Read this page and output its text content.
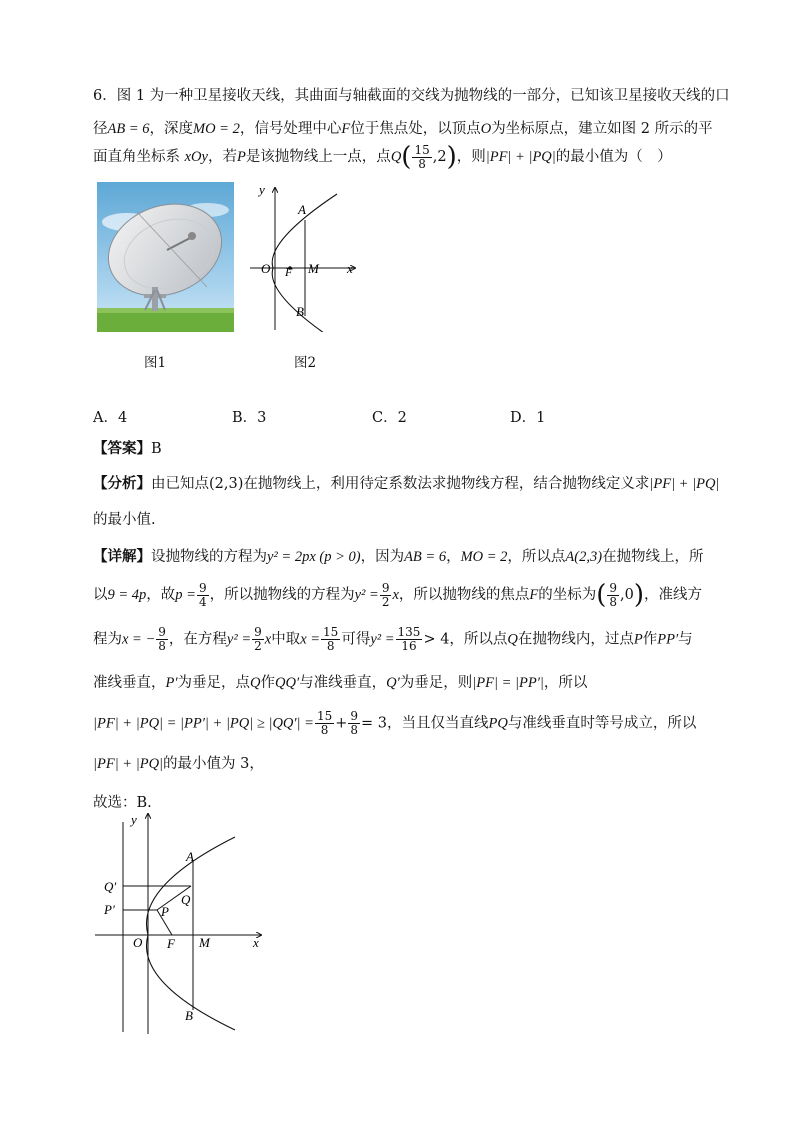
6．图 1 为一种卫星接收天线，其曲面与轴截面的交线为抛物线的一部分，已知该卫星接收天线的口
径AB = 6，深度MO = 2，信号处理中心F位于焦点处，以顶点O为坐标原点，建立如图 2 所示的平
面直角坐标系 xOy，若P是该抛物线上一点，点$Q( \frac{15}{8} ,2)$，则|PF| + |PQ|的最小值为（　）
图1
y
A
O F M x
B
图2
A．4	B．3	C．2	D．1
【答案】B
【分析】由已知点(2,3)在抛物线上，利用待定系数法求抛物线方程，结合抛物线定义求|PF| + |PQ|
的最小值.
【详解】设抛物线的方程为y² = 2px (p > 0)，因为AB = 6，MO = 2，所以点A(2,3)在抛物线上，所
以9 = 4p，故$p = \frac{9}{4}$ ，所以抛物线的方程为$y^2 = \frac{9}{2}$ x，所以抛物线的焦点F的坐标为( $\frac{9}{8} ,0$)，准线方
程为x = − $\frac{9}{8}$ ，在方程$y^2 = \frac{9}{2}$ x中取$x = \frac{15}{8}$ 可得$y^2 = \frac{135}{16} > 4$，所以点Q在抛物线内，过点P作PP′与
准线垂直，P′为垂足，点Q作QQ′与准线垂直，Q′为垂足，则|PF| = |PP′|，所以
$|PF| + |PQ| = |PP'| + |PQ| \ge |QQ'| = \frac{15}{8} + \frac{9}{8} = 3$，当且仅当直线PQ与准线垂直时等号成立，所以
|PF| + |PQ|的最小值为 3，
故选：B.
y
A
Q′
Q
P′	P
O F M	x
B
